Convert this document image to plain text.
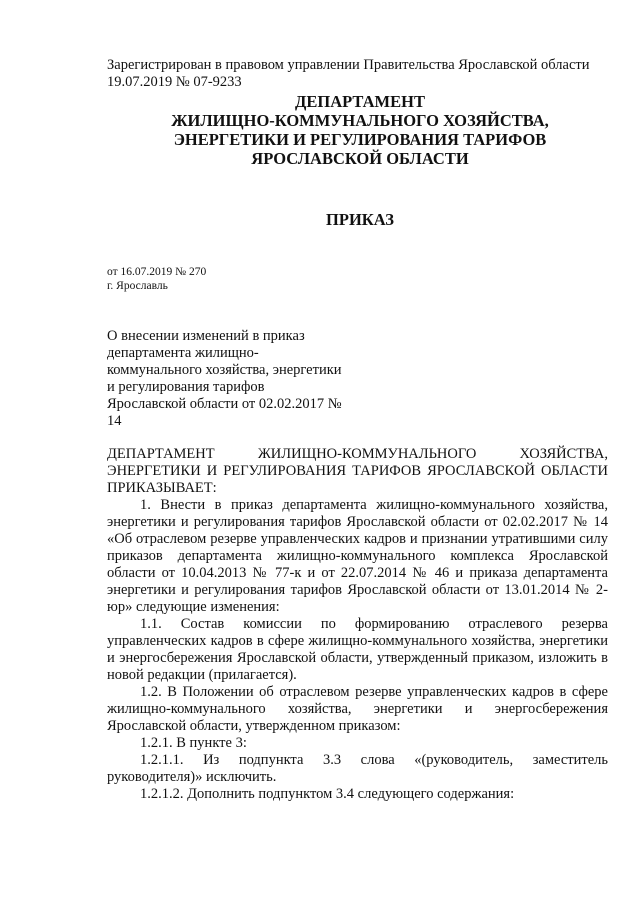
Зарегистрирован в правовом управлении Правительства Ярославской области
19.07.2019 № 07-9233
ДЕПАРТАМЕНТ
ЖИЛИЩНО-КОММУНАЛЬНОГО ХОЗЯЙСТВА,
ЭНЕРГЕТИКИ И РЕГУЛИРОВАНИЯ ТАРИФОВ
ЯРОСЛАВСКОЙ ОБЛАСТИ
ПРИКАЗ
от 16.07.2019 № 270
г. Ярославль
О внесении изменений в приказ департамента жилищно-коммунального хозяйства, энергетики и регулирования тарифов Ярославской области от 02.02.2017 № 14

ДЕПАРТАМЕНТ ЖИЛИЩНО-КОММУНАЛЬНОГО ХОЗЯЙСТВА, ЭНЕРГЕТИКИ И РЕГУЛИРОВАНИЯ ТАРИФОВ ЯРОСЛАВСКОЙ ОБЛАСТИ ПРИКАЗЫВАЕТ:

1. Внести в приказ департамента жилищно-коммунального хозяйства, энергетики и регулирования тарифов Ярославской области от 02.02.2017 № 14 «Об отраслевом резерве управленческих кадров и признании утратившими силу приказов департамента жилищно-коммунального комплекса Ярославской области от 10.04.2013 № 77-к и от 22.07.2014 № 46 и приказа департамента энергетики и регулирования тарифов Ярославской области от 13.01.2014 № 2-юр» следующие изменения:

1.1. Состав комиссии по формированию отраслевого резерва управленческих кадров в сфере жилищно-коммунального хозяйства, энергетики и энергосбережения Ярославской области, утвержденный приказом, изложить в новой редакции (прилагается).

1.2. В Положении об отраслевом резерве управленческих кадров в сфере жилищно-коммунального хозяйства, энергетики и энергосбережения Ярославской области, утвержденном приказом:

1.2.1. В пункте 3:

1.2.1.1. Из подпункта 3.3 слова «(руководитель, заместитель руководителя)» исключить.

1.2.1.2. Дополнить подпунктом 3.4 следующего содержания:
